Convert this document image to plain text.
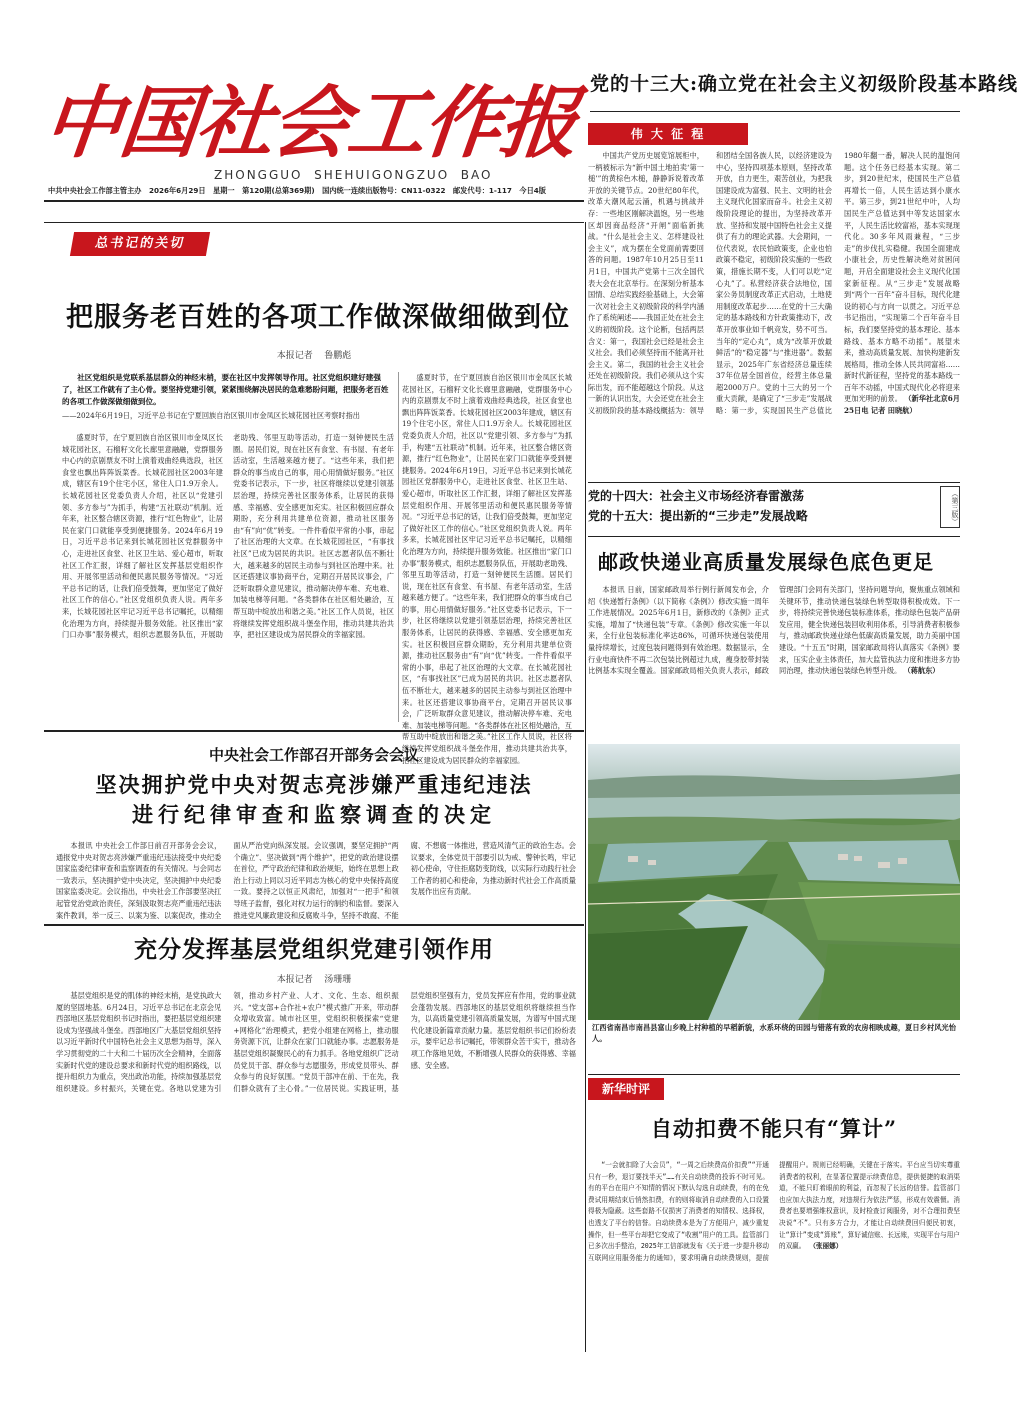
中国社会工作报
ZHONGGUO  SHEHUIGONGZUO  BAO
中共中央社会工作部主管主办   2026年6月29日   星期一   第120期(总第369期)   国内统一连续出版物号：CN11-0322   邮发代号：1-117   今日4版
党的十三大:确立党在社会主义初级阶段基本路线
伟 大 征 程
中国共产党历史展览馆展柜中，一柄被标示为“新中国土地拍卖‘第一槌’”的黄棕色木槌，静静诉说着改革开放的关键节点。20世纪80年代，改革大潮风起云涌，机遇与挑战并存：一些地区刚解决温饱，另一些地区却因商品经济“开闸”面临新挑战。“什么是社会主义、怎样建设社会主义”，成为摆在全党面前需要回答的问题。1987年10月25日至11月1日，中国共产党第十三次全国代表大会在北京举行。在深刻分析基本国情、总结实践经验基础上，大会第一次对社会主义初级阶段的科学内涵作了系统阐述——我国正处在社会主义的初级阶段。这个论断，包括两层含义：第一，我国社会已经是社会主义社会。我们必须坚持而不能离开社会主义。第二，我国的社会主义社会还处在初级阶段。我们必须从这个实际出发，而不能超越这个阶段。从这一新的认识出发，大会还党在社会主义初级阶段的基本路线概括为：领导和团结全国各族人民，以经济建设为中心，坚持四项基本原则，坚持改革开放，自力更生，艰苦创业，为把我国建设成为富强、民主、文明的社会主义现代化国家而奋斗。社会主义初级阶段理论的提出，为坚持改革开放、坚持和发展中国特色社会主义提供了有力的理论武器。大会期间，一位代表说，农民怕政策变，企业也怕政策不稳定，初级阶段实施的一些政策，措施长期不变，人们可以吃“定心丸”了。私营经济获合法地位，国家公务员制度改革正式启动，土地使用制度改革起步……在党的十三大确定的基本路线和方针政策推动下，改革开放事业如千帆竞发，势不可当。当年的“定心丸”，成为“改革开放最鲜活”的“稳定器”与“推进器”。数据显示，2025年广东省经济总量连续37年位居全国首位，经营主体总量超2000万户。党的十三大的另一个重大贡献，是确定了“三步走”发展战略：第一步，实现国民生产总值比1980年翻一番，解决人民的温饱问题。这个任务已经基本实现。第二步，到20世纪末，使国民生产总值再增长一倍，人民生活达到小康水平。第三步，到21世纪中叶，人均国民生产总值达到中等发达国家水平，人民生活比较富裕，基本实现现代化。30多年风雨兼程，“三步走”的步伐扎实稳健。我国全面建成小康社会，历史性解决绝对贫困问题，开启全面建设社会主义现代化国家新征程。从“三步走”发展战略到“两个一百年”奋斗目标，现代化建设的初心与方向一以贯之。习近平总书记指出，“实现第二个百年奋斗目标，我们要坚持党的基本理论、基本路线、基本方略不动摇”。展望未来，推动高质量发展、加快构建新发展格局，推动全体人民共同富裕……新时代新征程，坚持党的基本路线一百年不动摇，中国式现代化必将迎来更加光明的前景。 （新华社北京6月25日电 记者 田晓航）
党的十四大：社会主义市场经济春雷激荡
党的十五大：提出新的“三步走”发展战略	（第三版）
邮政快递业高质量发展绿色底色更足
本报讯 日前，国家邮政局举行例行新闻发布会，介绍《快递暂行条例》（以下简称《条例》）修改实施一周年工作进展情况。2025年6月1日，新修改的《条例》正式实施，增加了“快递包装”专章。《条例》修改实施一年以来，全行业包装标准化率达86%，可循环快递包装使用量持续增长，过度包装问题得到有效治理。数据显示，全行业电商快件不再二次包装比例超过九成，瘦身胶带封装比例基本实现全覆盖。国家邮政局相关负责人表示，邮政管理部门会同有关部门，坚持问题导向，聚焦重点领域和关键环节，推动快递包装绿色转型取得积极成效。下一步，将持续完善快递包装标准体系，推动绿色包装产品研发应用，健全快递包装回收利用体系，引导消费者积极参与，推动邮政快递业绿色低碳高质量发展，助力美丽中国建设。“十五五”时期，国家邮政局将认真落实《条例》要求，压实企业主体责任，加大监管执法力度和推进多方协同治理，推动快递包装绿色转型升级。 （蒋航东）
总书记的关切
把服务老百姓的各项工作做深做细做到位
本报记者    鲁鹏彪
社区党组织是党联系基层群众的神经末梢，要在社区中发挥领导作用。社区党组织建好建强了，社区工作就有了主心骨。要坚持党建引领，紧紧围绕解决居民的急难愁盼问题，把服务老百姓的各项工作做深做细做到位。
——2024年6月19日，习近平总书记在宁夏回族自治区银川市金凤区长城花园社区考察时指出
盛夏时节，在宁夏回族自治区银川市金凤区长城花园社区，石榴籽文化长廊里意融融，党群服务中心内的京剧票友不时上演着戏曲经典选段，社区食堂也飘出阵阵饭菜香。长城花园社区2003年建成，辖区有19个住宅小区，常住人口1.9万余人。长城花园社区党委负责人介绍，社区以“党建引领、多方参与”为抓手，构建“五社联动”机制。近年来，社区整合辖区资源，推行“红色物业”，让居民在家门口就能享受到便捷服务。2024年6月19日，习近平总书记来到长城花园社区党群服务中心，走进社区食堂、社区卫生站、爱心超市，听取社区工作汇报，详细了解社区发挥基层党组织作用、开展邻里活动和便民惠民服务等情况。“习近平总书记的话，让我们倍受鼓舞，更加坚定了做好社区工作的信心。”社区党组织负责人说。两年多来，长城花园社区牢记习近平总书记嘱托，以精细化治理为方向，持续提升服务效能。社区推出“家门口办事”服务模式，组织志愿服务队伍，开展助老助残、邻里互助等活动，打造一刻钟便民生活圈。居民们说，现在社区有食堂、有书屋、有老年活动室，生活越来越方便了。“这些年来，我们把群众的事当成自己的事，用心用情做好服务。”社区党委书记表示，下一步，社区将继续以党建引领基层治理，持续完善社区服务体系，让居民的获得感、幸福感、安全感更加充实。社区积极回应群众期盼，充分利用共建单位资源，推动社区服务由“有”向“优”转变。一件件看似平常的小事，串起了社区治理的大文章。在长城花园社区，“有事找社区”已成为居民的共识。社区志愿者队伍不断壮大，越来越多的居民主动参与到社区治理中来。社区还搭建议事协商平台，定期召开居民议事会，广泛听取群众意见建议，推动解决停车难、充电难、加装电梯等问题。“各类群体在社区相处融洽，互帮互助中绽放出和谐之美。”社区工作人员说，社区将继续发挥党组织战斗堡垒作用，推动共建共治共享，把社区建设成为居民群众的幸福家园。
盛夏时节，在宁夏回族自治区银川市金凤区长城花园社区，石榴籽文化长廊里意融融，党群服务中心内的京剧票友不时上演着戏曲经典选段，社区食堂也飘出阵阵饭菜香。长城花园社区2003年建成，辖区有19个住宅小区，常住人口1.9万余人。长城花园社区党委负责人介绍，社区以“党建引领、多方参与”为抓手，构建“五社联动”机制。近年来，社区整合辖区资源，推行“红色物业”，让居民在家门口就能享受到便捷服务。2024年6月19日，习近平总书记来到长城花园社区党群服务中心，走进社区食堂、社区卫生站、爱心超市，听取社区工作汇报，详细了解社区发挥基层党组织作用、开展邻里活动和便民惠民服务等情况。“习近平总书记的话，让我们倍受鼓舞，更加坚定了做好社区工作的信心。”社区党组织负责人说。两年多来，长城花园社区牢记习近平总书记嘱托，以精细化治理为方向，持续提升服务效能。社区推出“家门口办事”服务模式，组织志愿服务队伍，开展助老助残、邻里互助等活动，打造一刻钟便民生活圈。居民们说，现在社区有食堂、有书屋、有老年活动室，生活越来越方便了。“这些年来，我们把群众的事当成自己的事，用心用情做好服务。”社区党委书记表示，下一步，社区将继续以党建引领基层治理，持续完善社区服务体系，让居民的获得感、幸福感、安全感更加充实。社区积极回应群众期盼，充分利用共建单位资源，推动社区服务由“有”向“优”转变。一件件看似平常的小事，串起了社区治理的大文章。在长城花园社区，“有事找社区”已成为居民的共识。社区志愿者队伍不断壮大，越来越多的居民主动参与到社区治理中来。社区还搭建议事协商平台，定期召开居民议事会，广泛听取群众意见建议，推动解决停车难、充电难、加装电梯等问题。“各类群体在社区相处融洽，互帮互助中绽放出和谐之美。”社区工作人员说，社区将继续发挥党组织战斗堡垒作用，推动共建共治共享，把社区建设成为居民群众的幸福家园。
中央社会工作部召开部务会会议
坚决拥护党中央对贺志亮涉嫌严重违纪违法
进行纪律审查和监察调查的决定
本报讯 中央社会工作部日前召开部务会会议，通报党中央对贺志亮涉嫌严重违纪违法接受中央纪委国家监委纪律审查和监察调查的有关情况。与会同志一致表示，坚决拥护党中央决定，坚决拥护中央纪委国家监委决定。会议指出，中央社会工作部要坚决扛起管党治党政治责任，深刻汲取贺志亮严重违纪违法案件教训，举一反三、以案为鉴、以案促改，推动全面从严治党向纵深发展。会议强调，要坚定拥护“两个确立”、坚决做到“两个维护”，把党的政治建设摆在首位，严守政治纪律和政治规矩，始终在思想上政治上行动上同以习近平同志为核心的党中央保持高度一致。要持之以恒正风肃纪，加强对“一把手”和领导班子监督，强化对权力运行的制约和监督。要深入推进党风廉政建设和反腐败斗争，坚持不敢腐、不能腐、不想腐一体推进，营造风清气正的政治生态。会议要求，全体党员干部要引以为戒、警钟长鸣，牢记初心使命，守住拒腐防变防线，以实际行动践行社会工作者的初心和使命，为推动新时代社会工作高质量发展作出应有贡献。
充分发挥基层党组织党建引领作用
本报记者    汤珊珊
基层党组织是党的肌体的神经末梢，是党执政大厦的坚固地基。6月24日，习近平总书记在北京会见西部地区基层党组织书记时指出，要把基层党组织建设成为坚强战斗堡垒。西部地区广大基层党组织坚持以习近平新时代中国特色社会主义思想为指导，深入学习贯彻党的二十大和二十届历次全会精神，全面落实新时代党的建设总要求和新时代党的组织路线，以提升组织力为重点，突出政治功能，持续加强基层党组织建设。乡村振兴，关键在党。各地以党建为引领，推动乡村产业、人才、文化、生态、组织振兴。“党支部+合作社+农户”模式推广开来，带动群众增收致富。城市社区里，党组织积极探索“党建+网格化”治理模式，把党小组建在网格上，推动服务资源下沉，让群众在家门口就能办事。志愿服务是基层党组织凝聚民心的有力抓手。各地党组织广泛动员党员干部、群众参与志愿服务，形成党员带头、群众参与的良好氛围。“党员干部冲在前、干在先，我们群众就有了主心骨。”一位居民说。实践证明，基层党组织坚强有力，党员发挥应有作用，党的事业就会蓬勃发展。西部地区的基层党组织将继续担当作为，以高质量党建引领高质量发展，为谱写中国式现代化建设新篇章贡献力量。基层党组织书记们纷纷表示，要牢记总书记嘱托，带领群众苦干实干，推动各项工作落地见效，不断增强人民群众的获得感、幸福感、安全感。
江西省南昌市南昌县富山乡晚上村种植的早稻新貌，水系环绕的田园与错落有致的农房相映成趣，夏日乡村风光怡人。
新华时评
自动扣费不能只有“算计”
“一会就扣除了大会员”，“一周之后续费高价扣费”“开通只有一秒，退订要找半天”……有关自动续费的投诉不时可见。有的平台在用户不知情的情况下默认勾选自动续费，有的在免费试用期结束后悄然扣费，有的则将取消自动续费的入口设置得极为隐蔽。这些套路不仅损害了消费者的知情权、选择权，也透支了平台的信誉。自动续费本是为了方便用户，减少重复操作，但一些平台却把它变成了“收割”用户的工具。监管部门已多次出手整治，2025年工信部就发布《关于进一步提升移动互联网应用服务能力的通知》，要求明确自动续费规则，提前提醒用户。规则已经明确，关键在于落实。平台应当切实尊重消费者的权利，在显著位置提示续费信息，提供便捷的取消渠道，不能只盯着眼前的利益，而忽视了长远的信誉。监管部门也应加大执法力度，对违规行为依法严惩，形成有效震慑。消费者也要增强维权意识，及时检查订阅服务，对不合理扣费坚决说“不”。只有多方合力，才能让自动续费回归便民初衷，让“算计”变成“算账”，算好诚信账、长远账，实现平台与用户的双赢。 （张丽娜）
